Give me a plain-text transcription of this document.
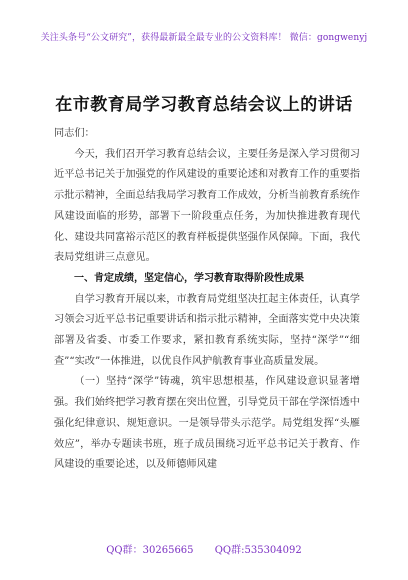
关注头条号“公文研究”，获得最新最全最专业的公文资料库！ 微信：gongwenyj
在市教育局学习教育总结会议上的讲话

同志们：

今天，我们召开学习教育总结会议，主要任务是深入学习贯彻习近平总书记关于加强党的作风建设的重要论述和对教育工作的重要指示批示精神，全面总结我局学习教育工作成效，分析当前教育系统作风建设面临的形势，部署下一阶段重点任务，为加快推进教育现代化、建设共同富裕示范区的教育样板提供坚强作风保障。下面，我代表局党组讲三点意见。

一、肯定成绩，坚定信心，学习教育取得阶段性成果

自学习教育开展以来，市教育局党组坚决扛起主体责任，认真学习领会习近平总书记重要讲话和指示批示精神，全面落实党中央决策部署及省委、市委工作要求，紧扣教育系统实际，坚持“深学”“细查”“实改”一体推进，以优良作风护航教育事业高质量发展。

（一）坚持“深学”铸魂，筑牢思想根基，作风建设意识显著增强。我们始终把学习教育摆在突出位置，引导党员干部在学深悟透中强化纪律意识、规矩意识。一是领导带头示范学。局党组发挥“头雁效应”，举办专题读书班，班子成员围绕习近平总书记关于教育、作风建设的重要论述，以及师德师风建

QQ群：30265665 QQ群:535304092
